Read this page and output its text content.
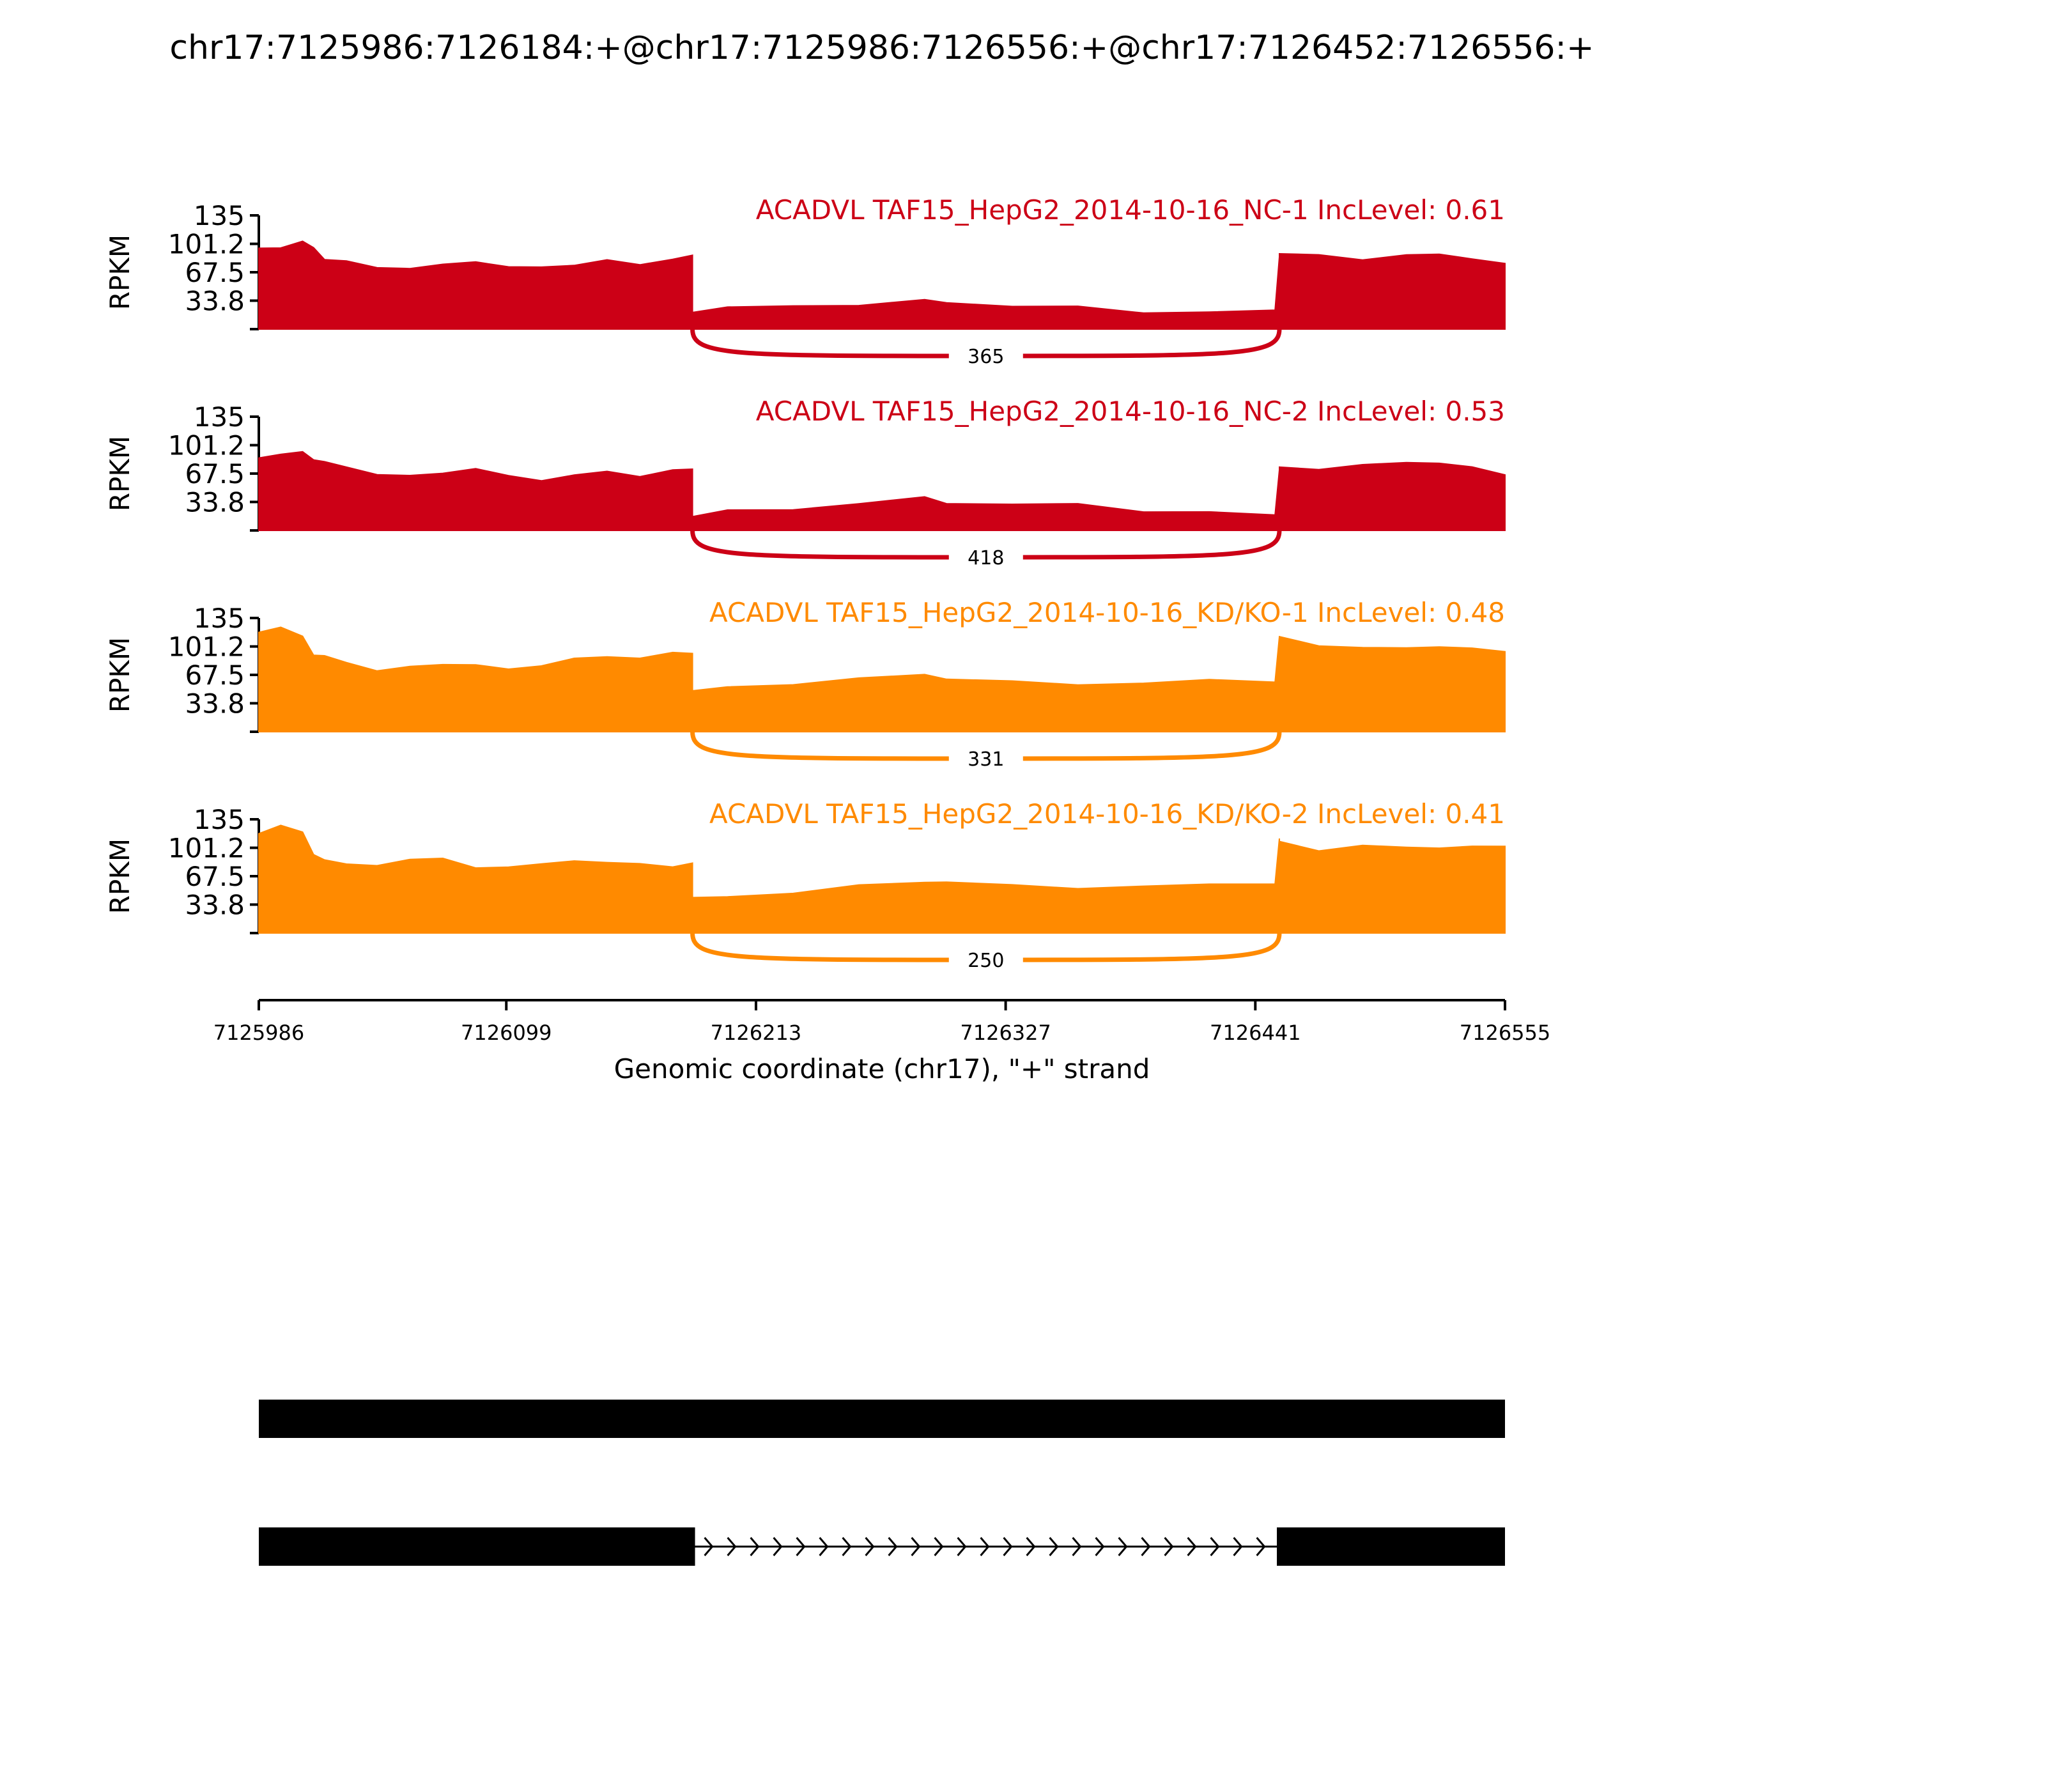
chr17:7125986:7126184:+@chr17:7125986:7126556:+@chr17:7126452:7126556:+
135
101.2
67.5
33.8
RPKM
ACADVL TAF15_HepG2_2014-10-16_NC-1 IncLevel: 0.61
365
135
101.2
67.5
33.8
RPKM
ACADVL TAF15_HepG2_2014-10-16_NC-2 IncLevel: 0.53
418
135
101.2
67.5
33.8
RPKM
ACADVL TAF15_HepG2_2014-10-16_KD/KO-1 IncLevel: 0.48
331
135
101.2
67.5
33.8
RPKM
ACADVL TAF15_HepG2_2014-10-16_KD/KO-2 IncLevel: 0.41
250
7125986	7126099	7126213	7126327	7126441	7126555
Genomic coordinate (chr17), "+" strand
